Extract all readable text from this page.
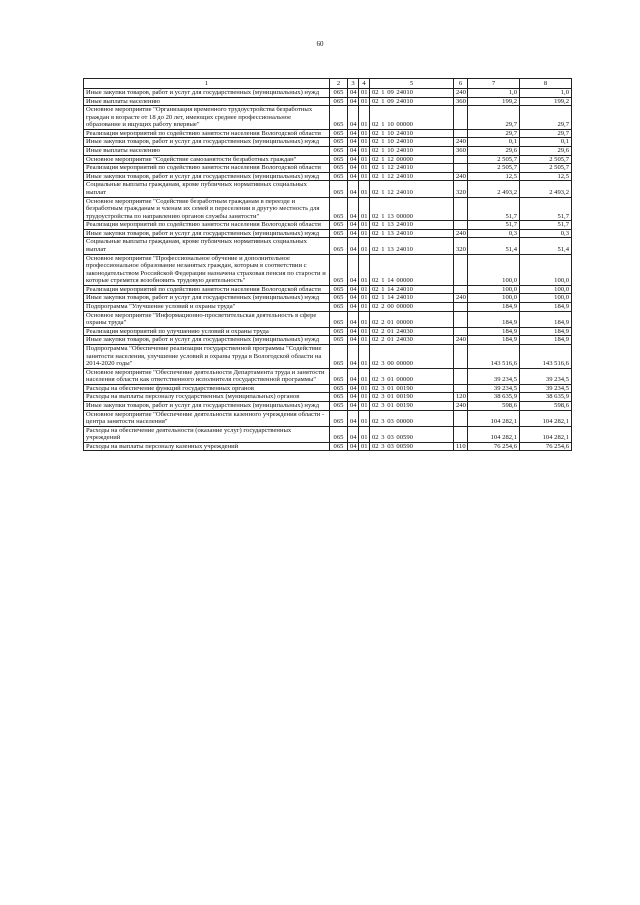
60
1	2	3	4	5	6	7	8
Иные закупки товаров, работ и услуг для государственных (муниципальных) нужд	065	04	01	02 1 09 24010	240	1,0	1,0
Иные выплаты населению	065	04	01	02 1 09 24010	360	199,2	199,2
Основное мероприятие "Организация временного трудоустройства безработных граждан в возрасте от 18 до 20 лет, имеющих среднее профессиональное образование и ищущих работу впервые"	065	04	01	02 1 10 00000		29,7	29,7
Реализация мероприятий по содействию занятости населения Вологодской области	065	04	01	02 1 10 24010		29,7	29,7
Иные закупки товаров, работ и услуг для государственных (муниципальных) нужд	065	04	01	02 1 10 24010	240	0,1	0,1
Иные выплаты населению	065	04	01	02 1 10 24010	360	29,6	29,6
Основное мероприятие "Содействие самозанятости безработных граждан"	065	04	01	02 1 12 00000		2 505,7	2 505,7
Реализация мероприятий по содействию занятости населения Вологодской области	065	04	01	02 1 12 24010		2 505,7	2 505,7
Иные закупки товаров, работ и услуг для государственных (муниципальных) нужд	065	04	01	02 1 12 24010	240	12,5	12,5
Социальные выплаты гражданам, кроме публичных нормативных социальных выплат	065	04	01	02 1 12 24010	320	2 493,2	2 493,2
Основное мероприятие "Содействие безработным гражданам в переезде и безработным гражданам и членам их семей в переселении в другую местность для трудоустройства по направлению органов службы занятости"	065	04	01	02 1 13 00000		51,7	51,7
Реализация мероприятий по содействию занятости населения Вологодской области	065	04	01	02 1 13 24010		51,7	51,7
Иные закупки товаров, работ и услуг для государственных (муниципальных) нужд	065	04	01	02 1 13 24010	240	0,3	0,3
Социальные выплаты гражданам, кроме публичных нормативных социальных выплат	065	04	01	02 1 13 24010	320	51,4	51,4
Основное мероприятие "Профессиональное обучение и дополнительное профессиональное образование незанятых граждан, которым в соответствии с законодательством Российской Федерации назначена страховая пенсия по старости и которые стремятся возобновить трудовую деятельность"	065	04	01	02 1 14 00000		100,0	100,0
Реализация мероприятий по содействию занятости населения Вологодской области	065	04	01	02 1 14 24010		100,0	100,0
Иные закупки товаров, работ и услуг для государственных (муниципальных) нужд	065	04	01	02 1 14 24010	240	100,0	100,0
Подпрограмма "Улучшение условий и охраны труда"	065	04	01	02 2 00 00000		184,9	184,9
Основное мероприятие "Информационно-просветительская деятельность в сфере охраны труда"	065	04	01	02 2 01 00000		184,9	184,9
Реализация мероприятий по улучшению условий и охраны труда	065	04	01	02 2 01 24030		184,9	184,9
Иные закупки товаров, работ и услуг для государственных (муниципальных) нужд	065	04	01	02 2 01 24030	240	184,9	184,9
Подпрограмма "Обеспечение реализации государственной программы "Содействие занятости населения, улучшение условий и охраны труда в Вологодской области на 2014-2020 годы"	065	04	01	02 3 00 00000		143 516,6	143 516,6
Основное мероприятие "Обеспечение деятельности Департамента труда и занятости населения области как ответственного исполнителя государственной программы"	065	04	01	02 3 01 00000		39 234,5	39 234,5
Расходы на обеспечение функций государственных органов	065	04	01	02 3 01 00190		39 234,5	39 234,5
Расходы на выплаты персоналу государственных (муниципальных) органов	065	04	01	02 3 01 00190	120	38 635,9	38 635,9
Иные закупки товаров, работ и услуг для государственных (муниципальных) нужд	065	04	01	02 3 01 00190	240	598,6	598,6
Основное мероприятие "Обеспечение деятельности казенного учреждения области - центра занятости населения"	065	04	01	02 3 03 00000		104 282,1	104 282,1
Расходы на обеспечение деятельности (оказание услуг) государственных учреждений	065	04	01	02 3 03 00590		104 282,1	104 282,1
Расходы на выплаты персоналу казенных учреждений	065	04	01	02 3 03 00590	110	76 254,6	76 254,6
